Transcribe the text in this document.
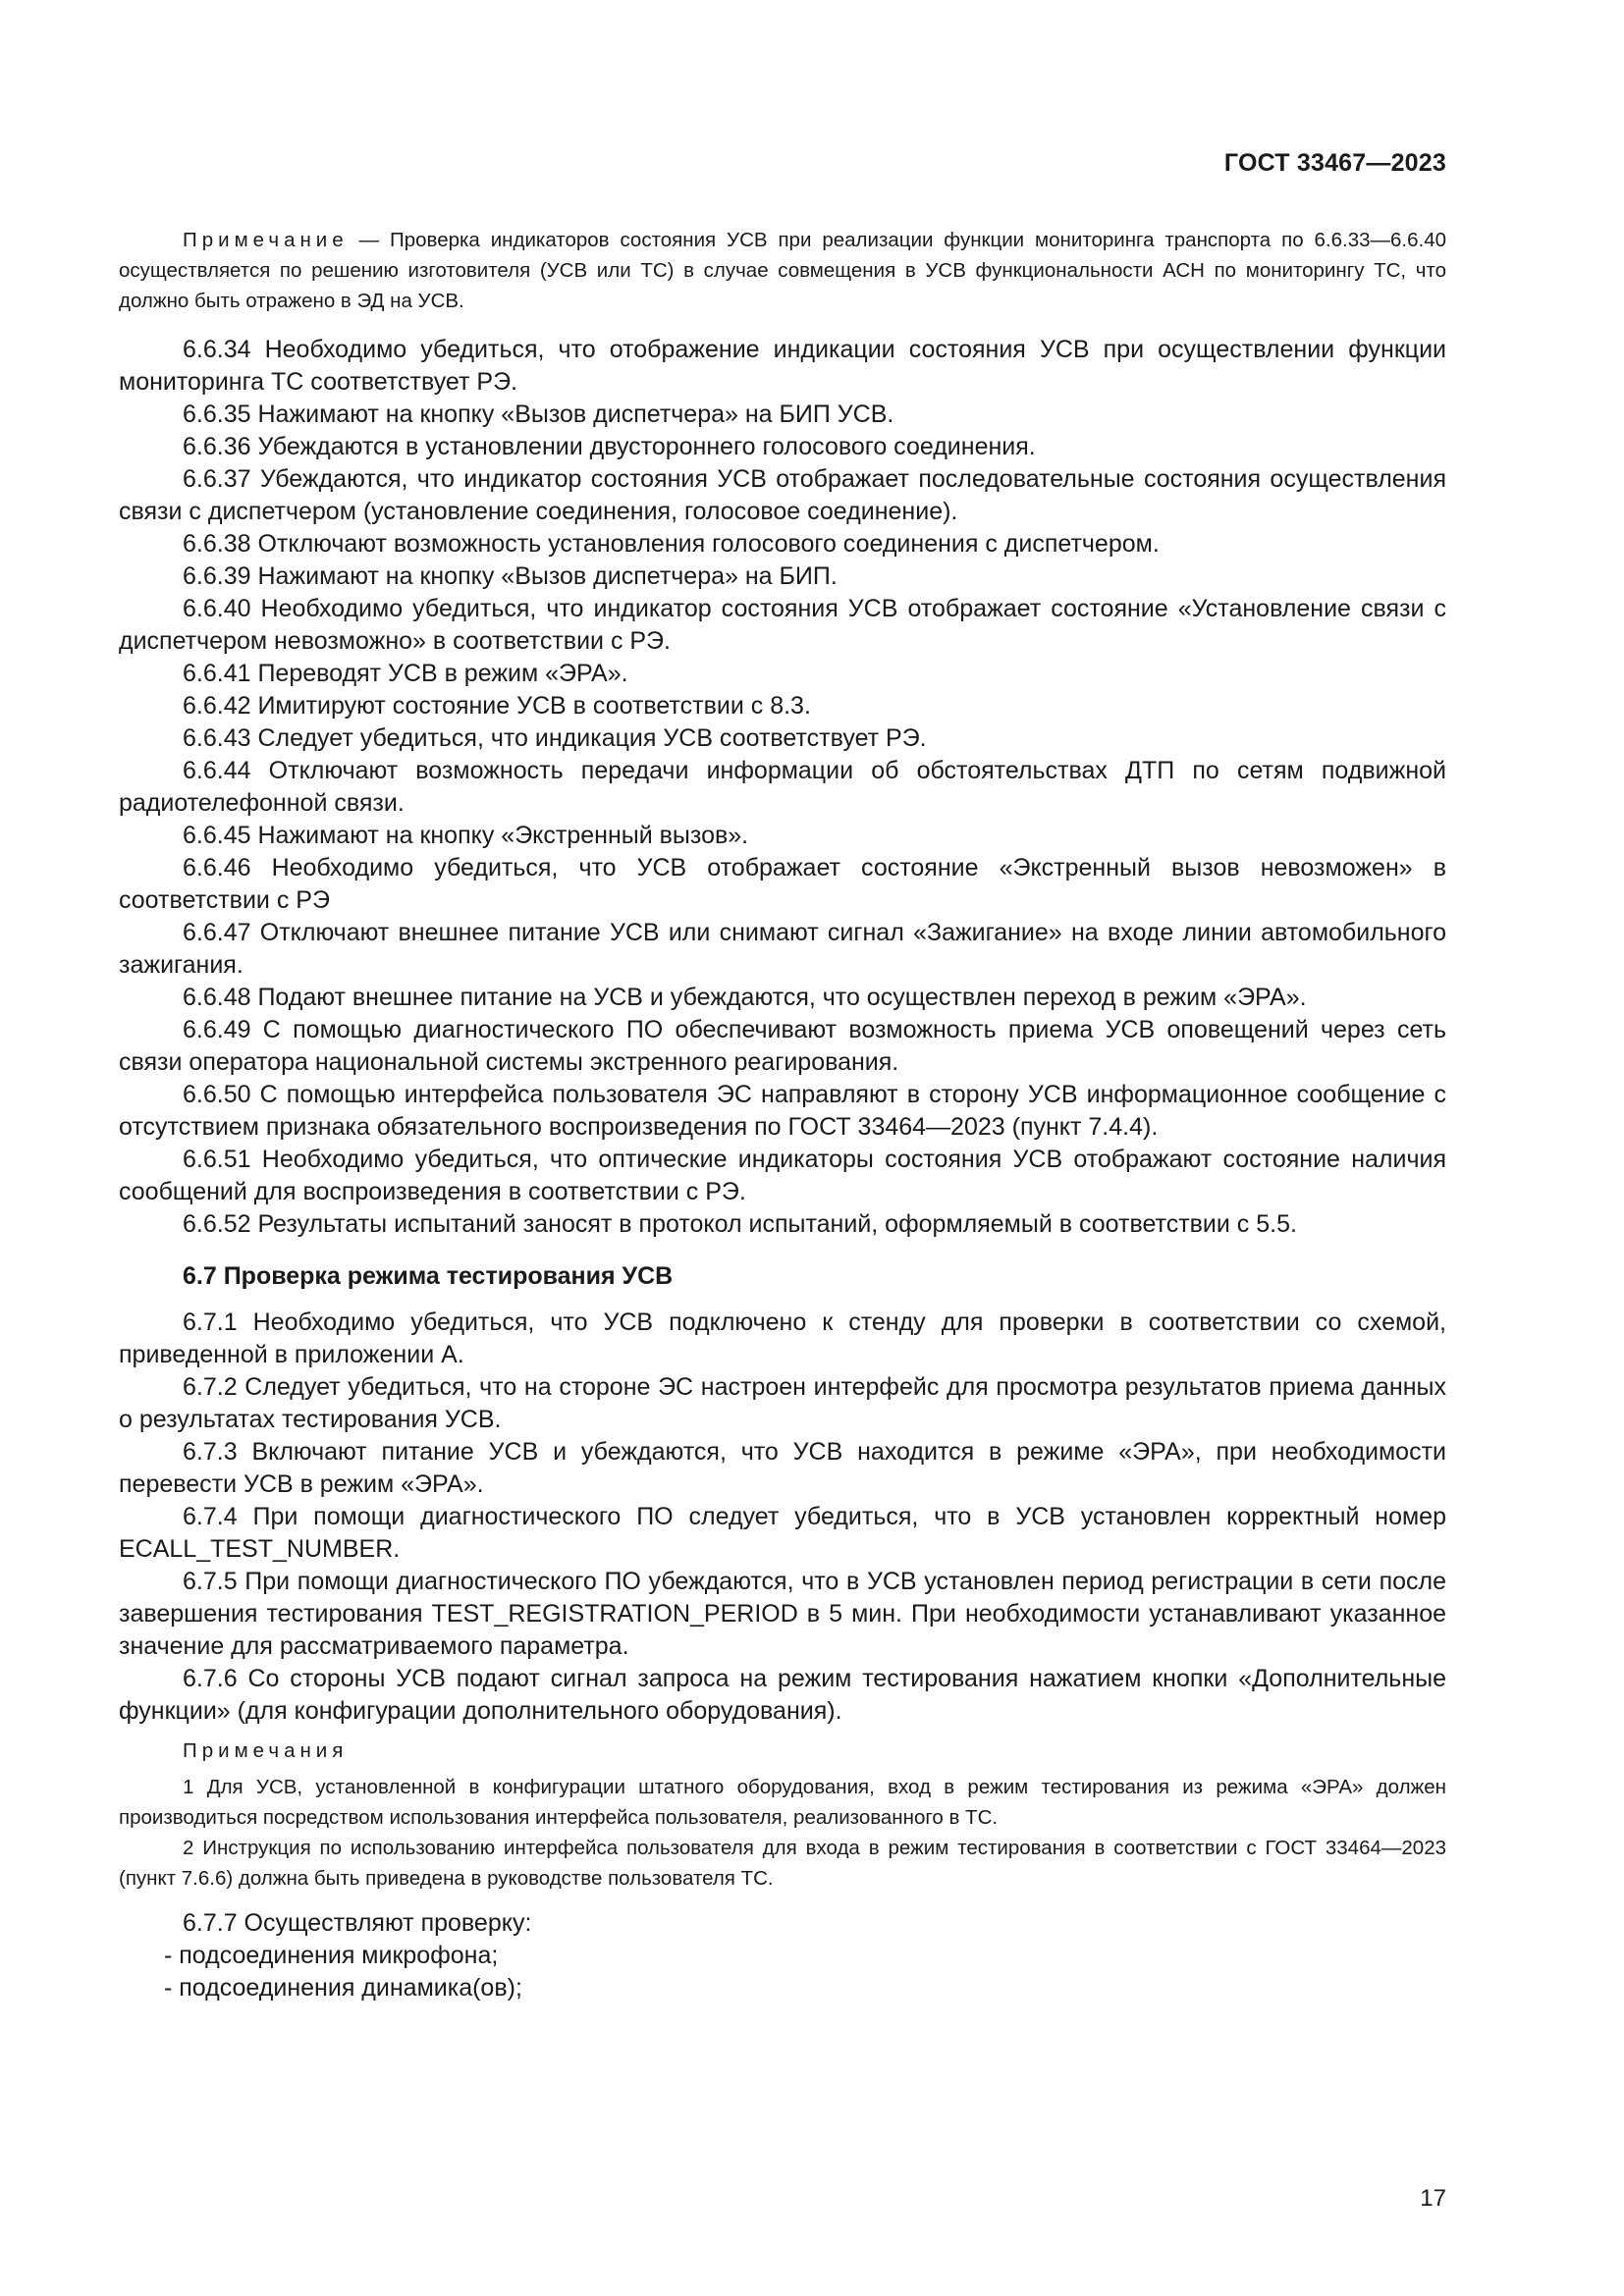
ГОСТ 33467—2023

Примечание — Проверка индикаторов состояния УСВ при реализации функции мониторинга транспорта по 6.6.33—6.6.40 осуществляется по решению изготовителя (УСВ или ТС) в случае совмещения в УСВ функциональности АСН по мониторингу ТС, что должно быть отражено в ЭД на УСВ.

6.6.34 Необходимо убедиться, что отображение индикации состояния УСВ при осуществлении функции мониторинга ТС соответствует РЭ.

6.6.35 Нажимают на кнопку «Вызов диспетчера» на БИП УСВ.

6.6.36 Убеждаются в установлении двустороннего голосового соединения.

6.6.37 Убеждаются, что индикатор состояния УСВ отображает последовательные состояния осуществления связи с диспетчером (установление соединения, голосовое соединение).

6.6.38 Отключают возможность установления голосового соединения с диспетчером.

6.6.39 Нажимают на кнопку «Вызов диспетчера» на БИП.

6.6.40 Необходимо убедиться, что индикатор состояния УСВ отображает состояние «Установление связи с диспетчером невозможно» в соответствии с РЭ.

6.6.41 Переводят УСВ в режим «ЭРА».

6.6.42 Имитируют состояние УСВ в соответствии с 8.3.

6.6.43 Следует убедиться, что индикация УСВ соответствует РЭ.

6.6.44 Отключают возможность передачи информации об обстоятельствах ДТП по сетям подвижной радиотелефонной связи.

6.6.45 Нажимают на кнопку «Экстренный вызов».

6.6.46 Необходимо убедиться, что УСВ отображает состояние «Экстренный вызов невозможен» в соответствии с РЭ

6.6.47 Отключают внешнее питание УСВ или снимают сигнал «Зажигание» на входе линии автомобильного зажигания.

6.6.48 Подают внешнее питание на УСВ и убеждаются, что осуществлен переход в режим «ЭРА».

6.6.49 С помощью диагностического ПО обеспечивают возможность приема УСВ оповещений через сеть связи оператора национальной системы экстренного реагирования.

6.6.50 С помощью интерфейса пользователя ЭС направляют в сторону УСВ информационное сообщение с отсутствием признака обязательного воспроизведения по ГОСТ 33464—2023 (пункт 7.4.4).

6.6.51 Необходимо убедиться, что оптические индикаторы состояния УСВ отображают состояние наличия сообщений для воспроизведения в соответствии с РЭ.

6.6.52 Результаты испытаний заносят в протокол испытаний, оформляемый в соответствии с 5.5.

6.7 Проверка режима тестирования УСВ

6.7.1 Необходимо убедиться, что УСВ подключено к стенду для проверки в соответствии со схемой, приведенной в приложении А.

6.7.2 Следует убедиться, что на стороне ЭС настроен интерфейс для просмотра результатов приема данных о результатах тестирования УСВ.

6.7.3 Включают питание УСВ и убеждаются, что УСВ находится в режиме «ЭРА», при необходимости перевести УСВ в режим «ЭРА».

6.7.4 При помощи диагностического ПО следует убедиться, что в УСВ установлен корректный номер ECALL_TEST_NUMBER.

6.7.5 При помощи диагностического ПО убеждаются, что в УСВ установлен период регистрации в сети после завершения тестирования TEST_REGISTRATION_PERIOD в 5 мин. При необходимости устанавливают указанное значение для рассматриваемого параметра.

6.7.6 Со стороны УСВ подают сигнал запроса на режим тестирования нажатием кнопки «Дополнительные функции» (для конфигурации дополнительного оборудования).

Примечания

1 Для УСВ, установленной в конфигурации штатного оборудования, вход в режим тестирования из режима «ЭРА» должен производиться посредством использования интерфейса пользователя, реализованного в ТС.

2 Инструкция по использованию интерфейса пользователя для входа в режим тестирования в соответствии с ГОСТ 33464—2023 (пункт 7.6.6) должна быть приведена в руководстве пользователя ТС.

6.7.7 Осуществляют проверку:

- подсоединения микрофона;

- подсоединения динамика(ов);

17
